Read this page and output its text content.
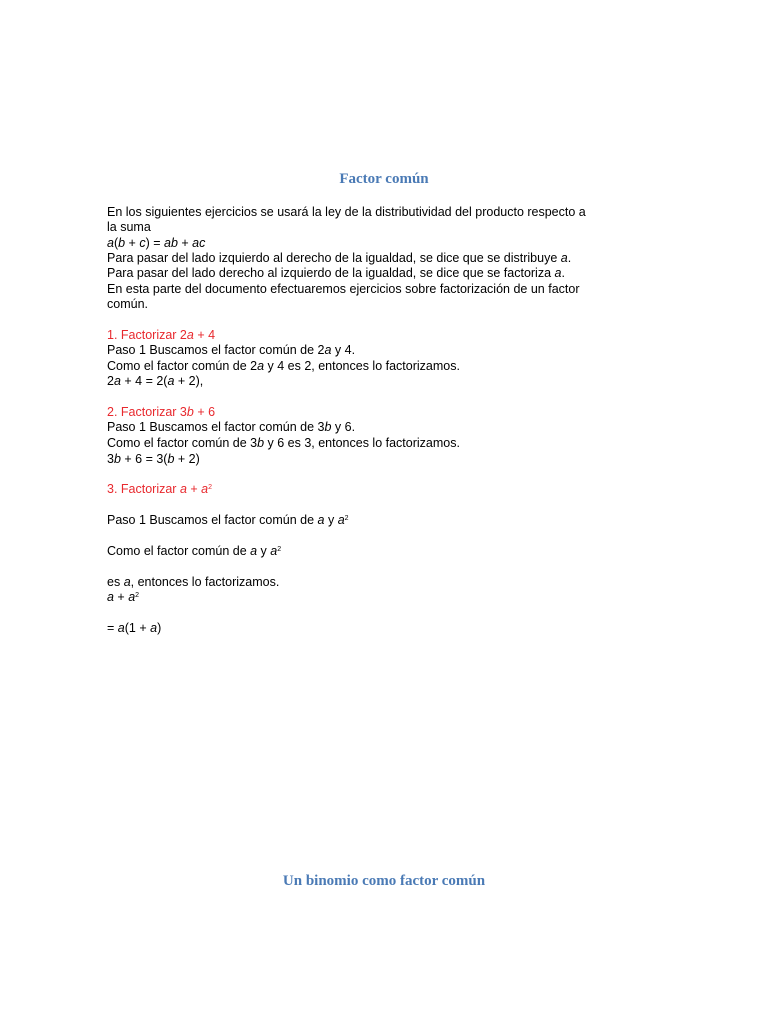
Factor común
En los siguientes ejercicios se usará la ley de la distributividad del producto respecto a
la suma
a(b + c) = ab + ac
Para pasar del lado izquierdo al derecho de la igualdad, se dice que se distribuye a.
Para pasar del lado derecho al izquierdo de la igualdad, se dice que se factoriza a.
En esta parte del documento efectuaremos ejercicios sobre factorización de un factor
común.
1. Factorizar 2a + 4
Paso 1 Buscamos el factor común de 2a y 4.
Como el factor común de 2a y 4 es 2, entonces lo factorizamos.
2a + 4 = 2(a + 2),
2. Factorizar 3b + 6
Paso 1 Buscamos el factor común de 3b y 6.
Como el factor común de 3b y 6 es 3, entonces lo factorizamos.
3b + 6 = 3(b + 2)
3. Factorizar $a + a^2$
Paso 1 Buscamos el factor común de a y $a^2$
Como el factor común de a y $a^2$
es a, entonces lo factorizamos.
$a + a^2$
= a(1 + a)
Un binomio como factor común
